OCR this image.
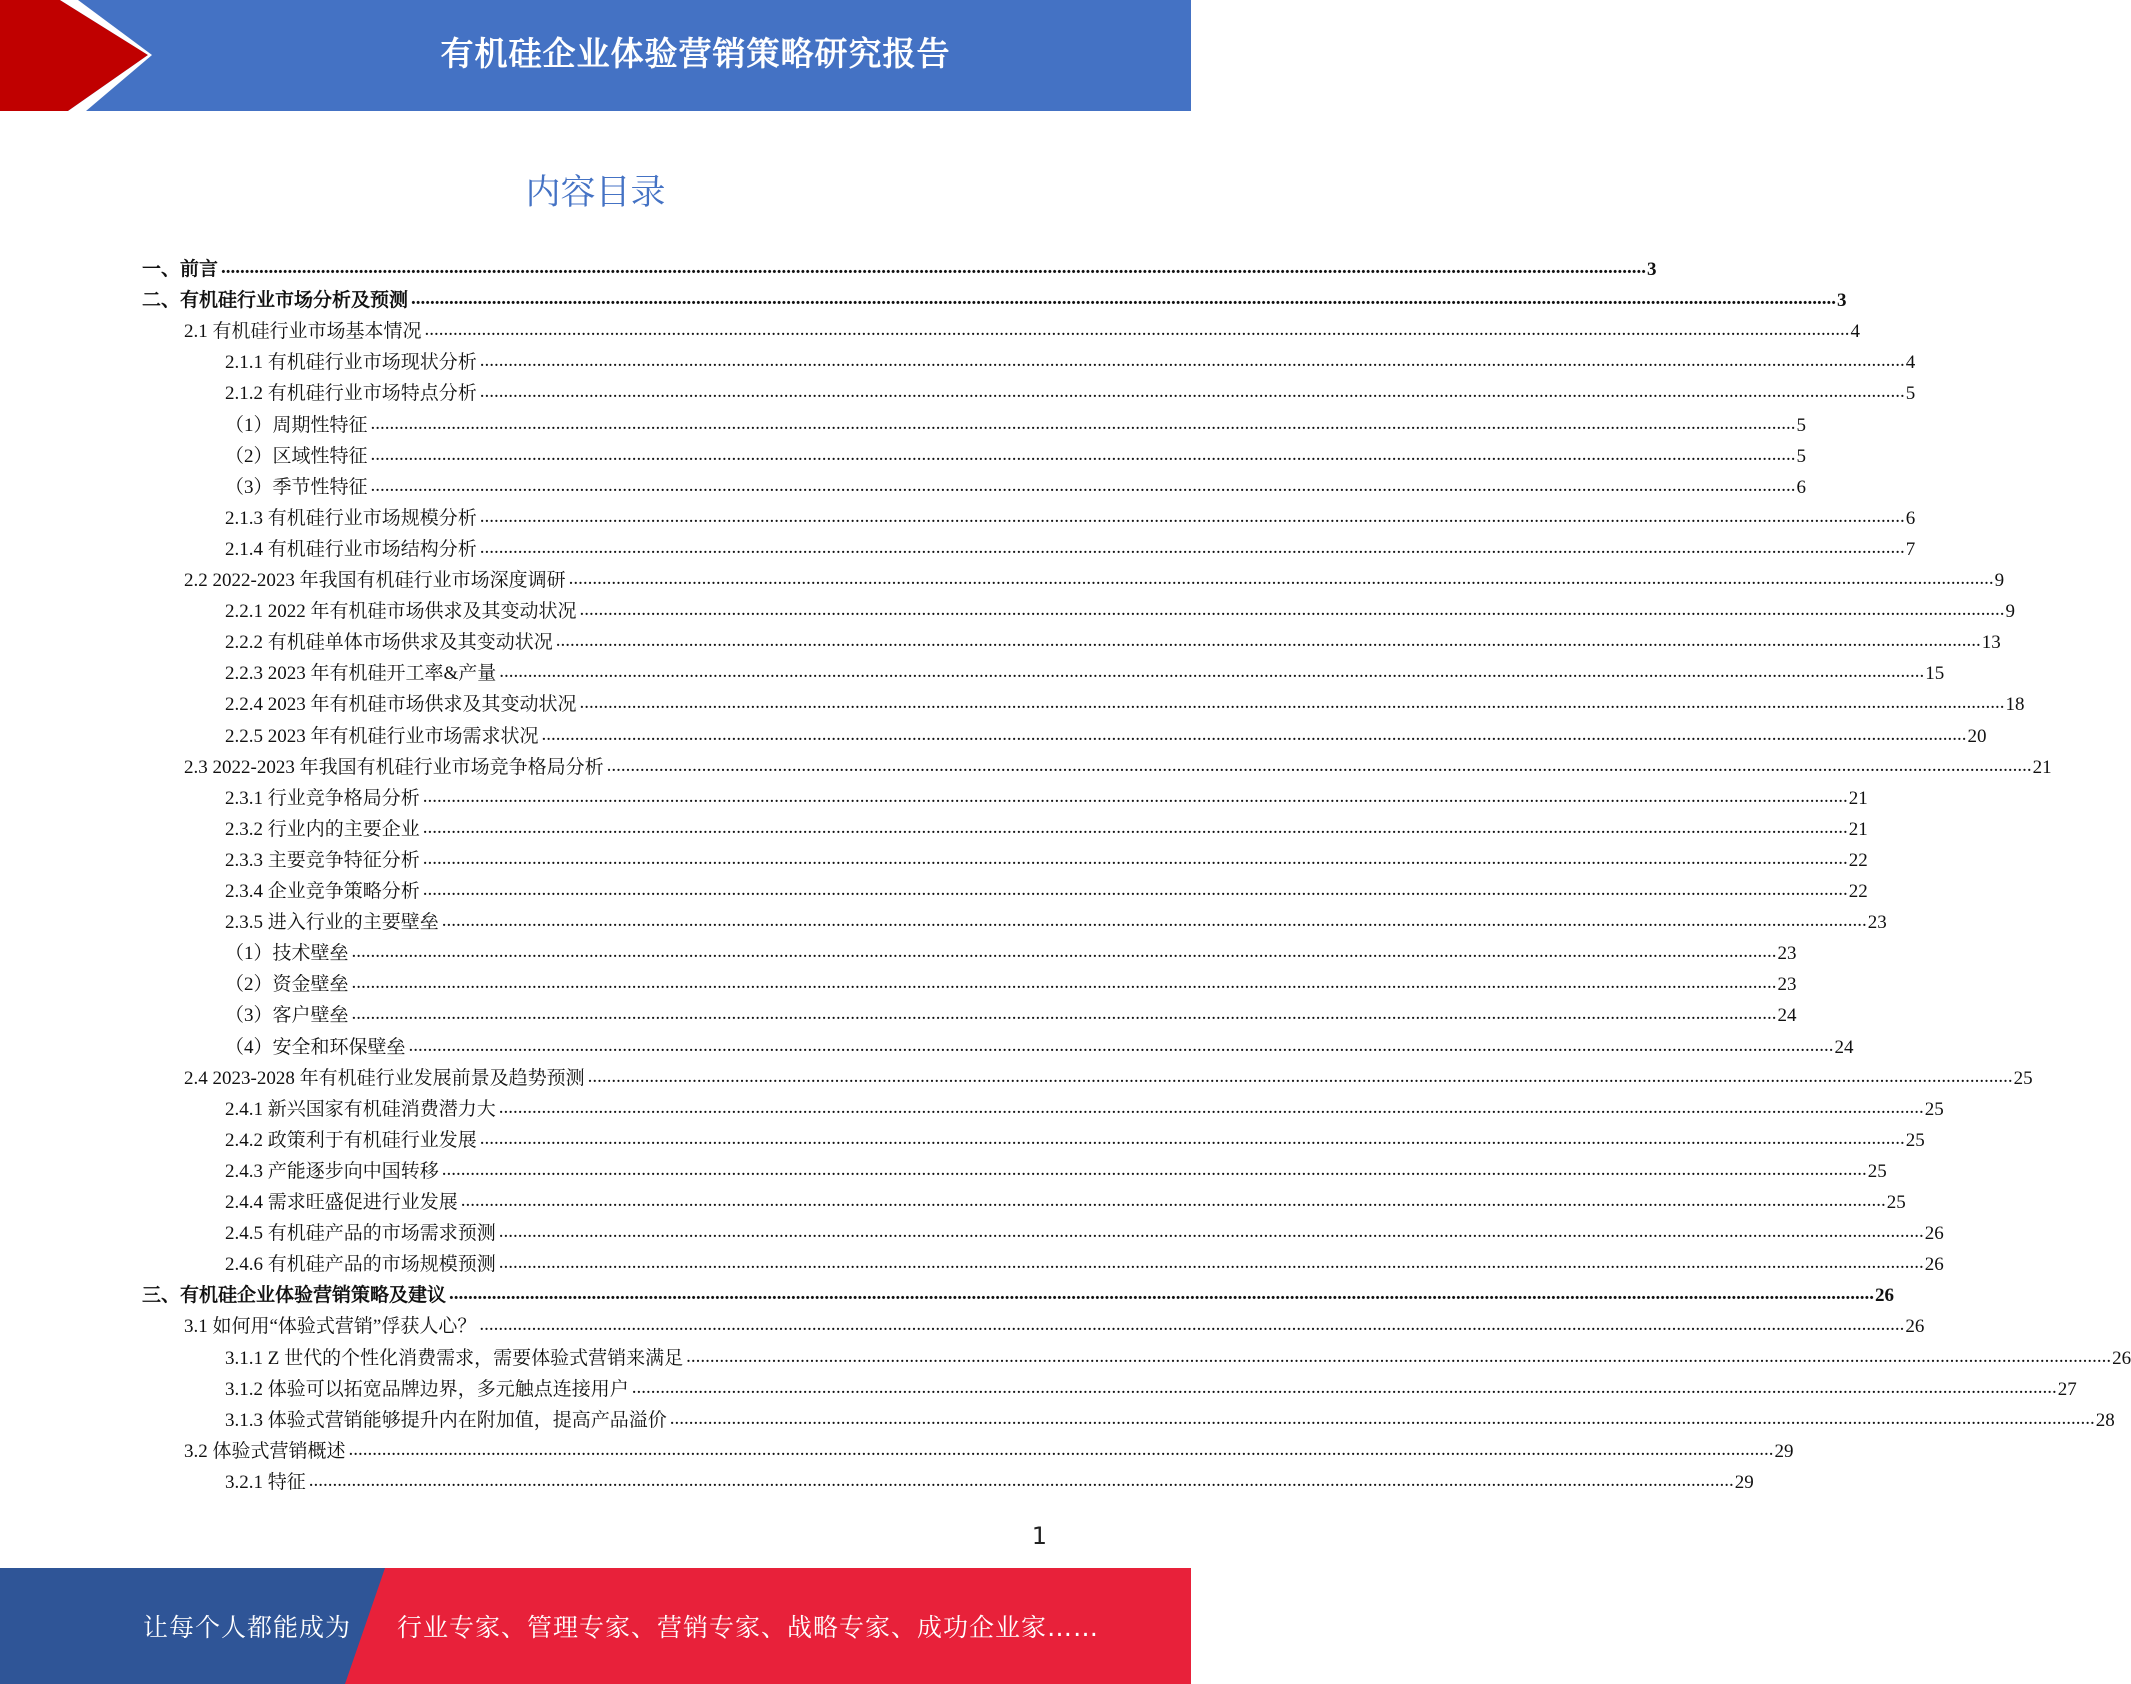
有机硅企业体验营销策略研究报告
内容目录
一、前言 ............................................................................................................................................................................................................................................................................................................ 3
二、有机硅行业市场分析及预测 ............................................................................................................................................................................................................................................................................................................ 3
2.1 有机硅行业市场基本情况 ............................................................................................................................................................................................................................................................................................................ 4
2.1.1 有机硅行业市场现状分析 ............................................................................................................................................................................................................................................................................................................ 4
2.1.2 有机硅行业市场特点分析 ............................................................................................................................................................................................................................................................................................................ 5
（1）周期性特征 ............................................................................................................................................................................................................................................................................................................ 5
（2）区域性特征 ............................................................................................................................................................................................................................................................................................................ 5
（3）季节性特征 ............................................................................................................................................................................................................................................................................................................ 6
2.1.3 有机硅行业市场规模分析 ............................................................................................................................................................................................................................................................................................................ 6
2.1.4 有机硅行业市场结构分析 ............................................................................................................................................................................................................................................................................................................ 7
2.2 2022-2023 年我国有机硅行业市场深度调研 ............................................................................................................................................................................................................................................................................................................ 9
2.2.1 2022 年有机硅市场供求及其变动状况 ............................................................................................................................................................................................................................................................................................................ 9
2.2.2 有机硅单体市场供求及其变动状况 ............................................................................................................................................................................................................................................................................................................ 13
2.2.3 2023 年有机硅开工率&产量 ............................................................................................................................................................................................................................................................................................................ 15
2.2.4 2023 年有机硅市场供求及其变动状况 ............................................................................................................................................................................................................................................................................................................ 18
2.2.5 2023 年有机硅行业市场需求状况 ............................................................................................................................................................................................................................................................................................................ 20
2.3 2022-2023 年我国有机硅行业市场竞争格局分析 ............................................................................................................................................................................................................................................................................................................ 21
2.3.1 行业竞争格局分析 ............................................................................................................................................................................................................................................................................................................ 21
2.3.2 行业内的主要企业 ............................................................................................................................................................................................................................................................................................................ 21
2.3.3 主要竞争特征分析 ............................................................................................................................................................................................................................................................................................................ 22
2.3.4 企业竞争策略分析 ............................................................................................................................................................................................................................................................................................................ 22
2.3.5 进入行业的主要壁垒 ............................................................................................................................................................................................................................................................................................................ 23
（1）技术壁垒 ............................................................................................................................................................................................................................................................................................................ 23
（2）资金壁垒 ............................................................................................................................................................................................................................................................................................................ 23
（3）客户壁垒 ............................................................................................................................................................................................................................................................................................................ 24
（4）安全和环保壁垒 ............................................................................................................................................................................................................................................................................................................ 24
2.4 2023-2028 年有机硅行业发展前景及趋势预测 ............................................................................................................................................................................................................................................................................................................ 25
2.4.1 新兴国家有机硅消费潜力大 ............................................................................................................................................................................................................................................................................................................ 25
2.4.2 政策利于有机硅行业发展 ............................................................................................................................................................................................................................................................................................................ 25
2.4.3 产能逐步向中国转移 ............................................................................................................................................................................................................................................................................................................ 25
2.4.4 需求旺盛促进行业发展 ............................................................................................................................................................................................................................................................................................................ 25
2.4.5 有机硅产品的市场需求预测 ............................................................................................................................................................................................................................................................................................................ 26
2.4.6 有机硅产品的市场规模预测 ............................................................................................................................................................................................................................................................................................................ 26
三、有机硅企业体验营销策略及建议 ............................................................................................................................................................................................................................................................................................................ 26
3.1 如何用“体验式营销”俘获人心？ ............................................................................................................................................................................................................................................................................................................ 26
3.1.1 Z 世代的个性化消费需求，需要体验式营销来满足 ............................................................................................................................................................................................................................................................................................................ 26
3.1.2 体验可以拓宽品牌边界，多元触点连接用户 ............................................................................................................................................................................................................................................................................................................ 27
3.1.3 体验式营销能够提升内在附加值，提高产品溢价 ............................................................................................................................................................................................................................................................................................................ 28
3.2 体验式营销概述 ............................................................................................................................................................................................................................................................................................................ 29
3.2.1 特征 ............................................................................................................................................................................................................................................................................................................ 29
1
让每个人都能成为 行业专家、管理专家、营销专家、战略专家、成功企业家……
